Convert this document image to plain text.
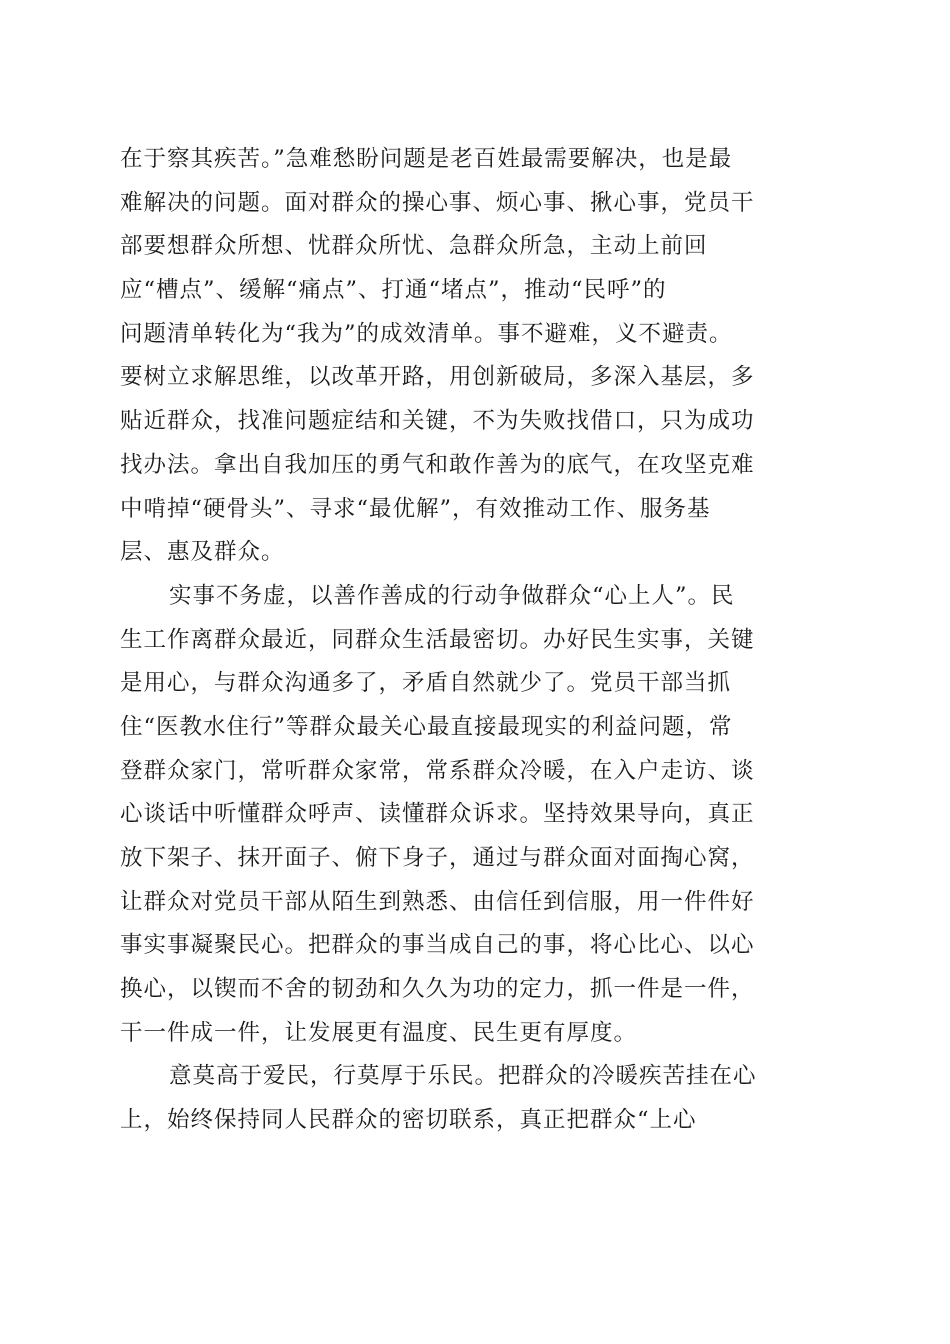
在于察其疾苦。”急难愁盼问题是老百姓最需要解决，也是最
难解决的问题。面对群众的操心事、烦心事、揪心事，党员干
部要想群众所想、忧群众所忧、急群众所急，主动上前回
应“槽点”、缓解“痛点”、打通“堵点”，推动“民呼”的
问题清单转化为“我为”的成效清单。事不避难，义不避责。
要树立求解思维，以改革开路，用创新破局，多深入基层，多
贴近群众，找准问题症结和关键，不为失败找借口，只为成功
找办法。拿出自我加压的勇气和敢作善为的底气，在攻坚克难
中啃掉“硬骨头”、寻求“最优解”，有效推动工作、服务基
层、惠及群众。

实事不务虚，以善作善成的行动争做群众“心上人”。民
生工作离群众最近，同群众生活最密切。办好民生实事，关键
是用心，与群众沟通多了，矛盾自然就少了。党员干部当抓
住“医教水住行”等群众最关心最直接最现实的利益问题，常
登群众家门，常听群众家常，常系群众冷暖，在入户走访、谈
心谈话中听懂群众呼声、读懂群众诉求。坚持效果导向，真正
放下架子、抹开面子、俯下身子，通过与群众面对面掏心窝，
让群众对党员干部从陌生到熟悉、由信任到信服，用一件件好
事实事凝聚民心。把群众的事当成自己的事，将心比心、以心
换心，以锲而不舍的韧劲和久久为功的定力，抓一件是一件，
干一件成一件，让发展更有温度、民生更有厚度。

意莫高于爱民，行莫厚于乐民。把群众的冷暖疾苦挂在心
上，始终保持同人民群众的密切联系，真正把群众“上心
